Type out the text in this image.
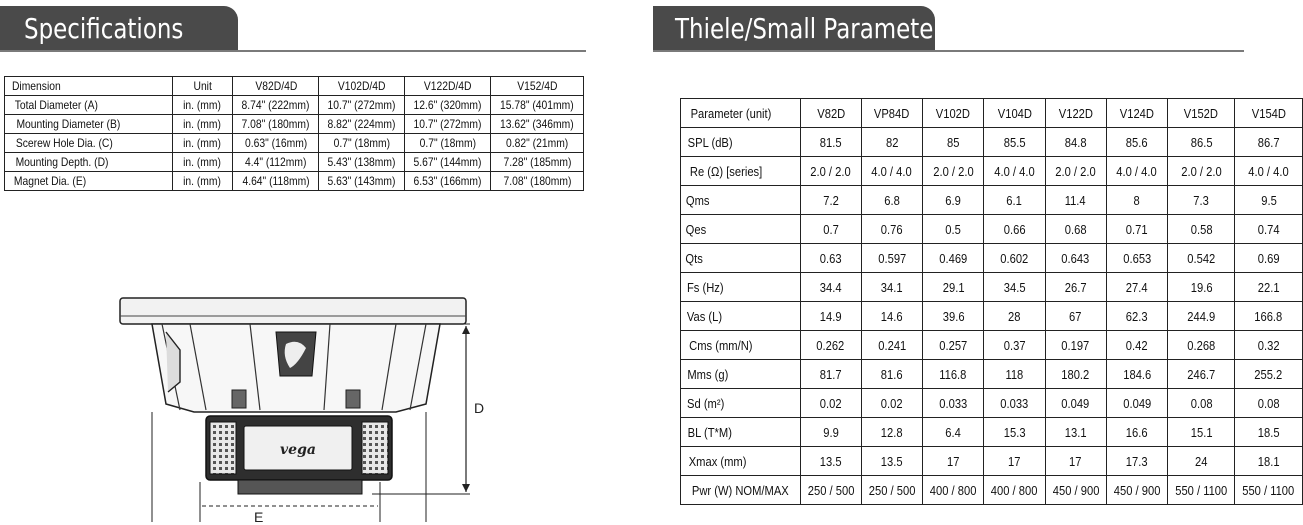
Specifications
Dimension	Unit	V82D/4D	V102D/4D	V122D/4D	V152/4D
Total Diameter (A)	in. (mm)	8.74" (222mm)	10.7" (272mm)	12.6" (320mm)	15.78" (401mm)
Mounting Diameter (B)	in. (mm)	7.08" (180mm)	8.82" (224mm)	10.7" (272mm)	13.62" (346mm)
Scerew Hole Dia. (C)	in. (mm)	0.63" (16mm)	0.7" (18mm)	0.7" (18mm)	0.82" (21mm)
Mounting Depth. (D)	in. (mm)	4.4" (112mm)	5.43" (138mm)	5.67" (144mm)	7.28" (185mm)
Magnet Dia. (E)	in. (mm)	4.64" (118mm)	5.63" (143mm)	6.53" (166mm)	7.08" (180mm)
vega
D
E
Thiele/Small Parameters
Parameter (unit)	V82D	VP84D	V102D	V104D	V122D	V124D	V152D	V154D
SPL (dB)	81.5	82	85	85.5	84.8	85.6	86.5	86.7
Re (Ω) [series]	2.0 / 2.0	4.0 / 4.0	2.0 / 2.0	4.0 / 4.0	2.0 / 2.0	4.0 / 4.0	2.0 / 2.0	4.0 / 4.0
Qms	7.2	6.8	6.9	6.1	11.4	8	7.3	9.5
Qes	0.7	0.76	0.5	0.66	0.68	0.71	0.58	0.74
Qts	0.63	0.597	0.469	0.602	0.643	0.653	0.542	0.69
Fs (Hz)	34.4	34.1	29.1	34.5	26.7	27.4	19.6	22.1
Vas (L)	14.9	14.6	39.6	28	67	62.3	244.9	166.8
Cms (mm/N)	0.262	0.241	0.257	0.37	0.197	0.42	0.268	0.32
Mms (g)	81.7	81.6	116.8	118	180.2	184.6	246.7	255.2
Sd (m²)	0.02	0.02	0.033	0.033	0.049	0.049	0.08	0.08
BL (T*M)	9.9	12.8	6.4	15.3	13.1	16.6	15.1	18.5
Xmax (mm)	13.5	13.5	17	17	17	17.3	24	18.1
Pwr (W) NOM/MAX	250 / 500	250 / 500	400 / 800	400 / 800	450 / 900	450 / 900	550 / 1100	550 / 1100
